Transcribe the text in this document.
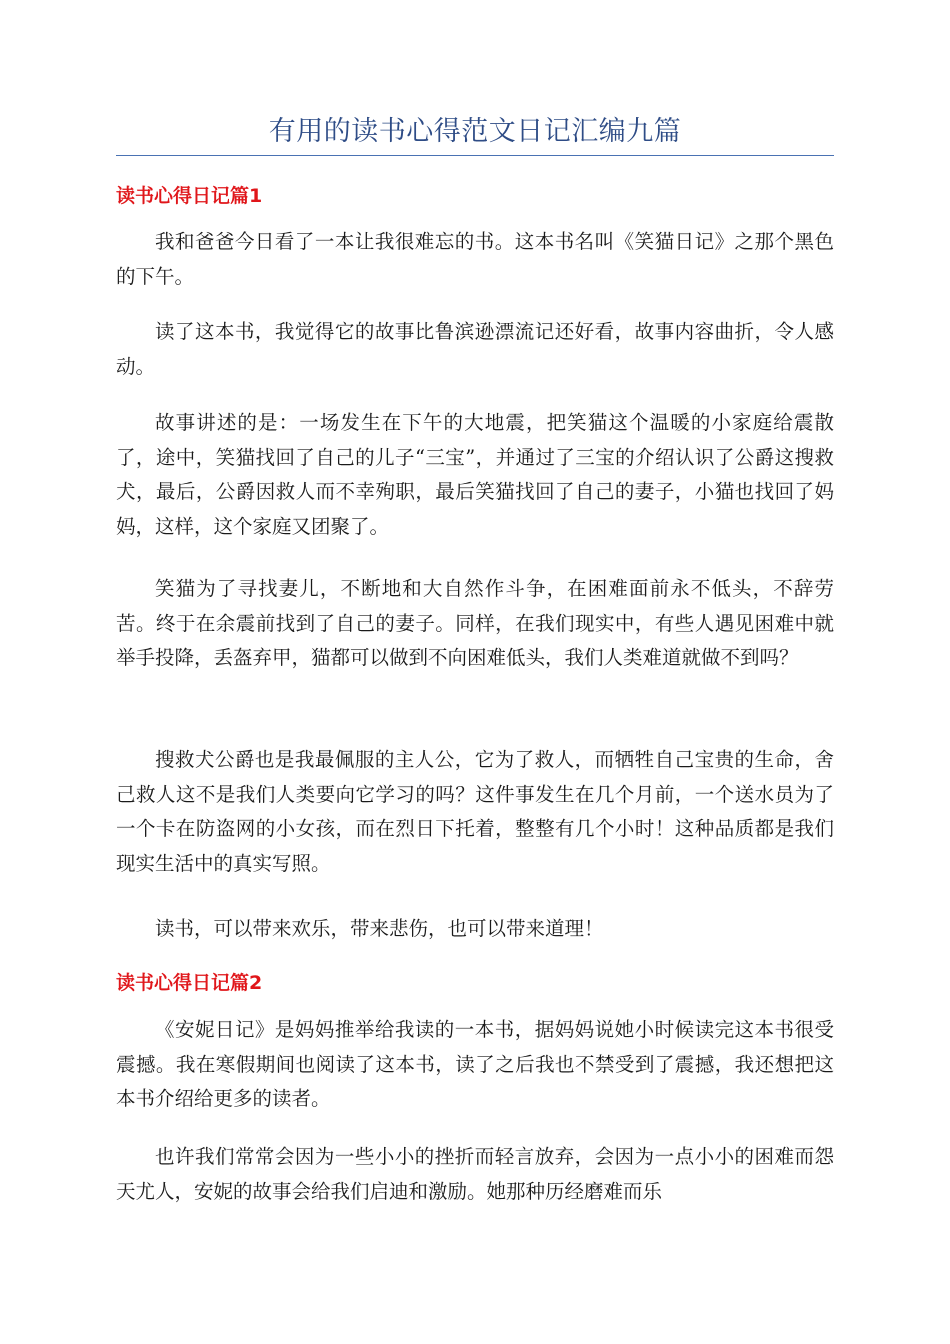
有用的读书心得范文日记汇编九篇
读书心得日记篇1

我和爸爸今日看了一本让我很难忘的书。这本书名叫《笑猫日记》之那个黑色的下午。

读了这本书，我觉得它的故事比鲁滨逊漂流记还好看，故事内容曲折，令人感动。

故事讲述的是：一场发生在下午的大地震，把笑猫这个温暖的小家庭给震散了，途中，笑猫找回了自己的儿子“三宝”，并通过了三宝的介绍认识了公爵这搜救犬，最后，公爵因救人而不幸殉职，最后笑猫找回了自己的妻子，小猫也找回了妈妈，这样，这个家庭又团聚了。

笑猫为了寻找妻儿，不断地和大自然作斗争，在困难面前永不低头，不辞劳苦。终于在余震前找到了自己的妻子。同样，在我们现实中，有些人遇见困难中就举手投降，丢盔弃甲，猫都可以做到不向困难低头，我们人类难道就做不到吗？

搜救犬公爵也是我最佩服的主人公，它为了救人，而牺牲自己宝贵的生命，舍己救人这不是我们人类要向它学习的吗？这件事发生在几个月前，一个送水员为了一个卡在防盗网的小女孩，而在烈日下托着，整整有几个小时！这种品质都是我们现实生活中的真实写照。

读书，可以带来欢乐，带来悲伤，也可以带来道理！

读书心得日记篇2

《安妮日记》是妈妈推举给我读的一本书，据妈妈说她小时候读完这本书很受震撼。我在寒假期间也阅读了这本书，读了之后我也不禁受到了震撼，我还想把这本书介绍给更多的读者。

也许我们常常会因为一些小小的挫折而轻言放弃，会因为一点小小的困难而怨天尤人，安妮的故事会给我们启迪和激励。她那种历经磨难而乐
